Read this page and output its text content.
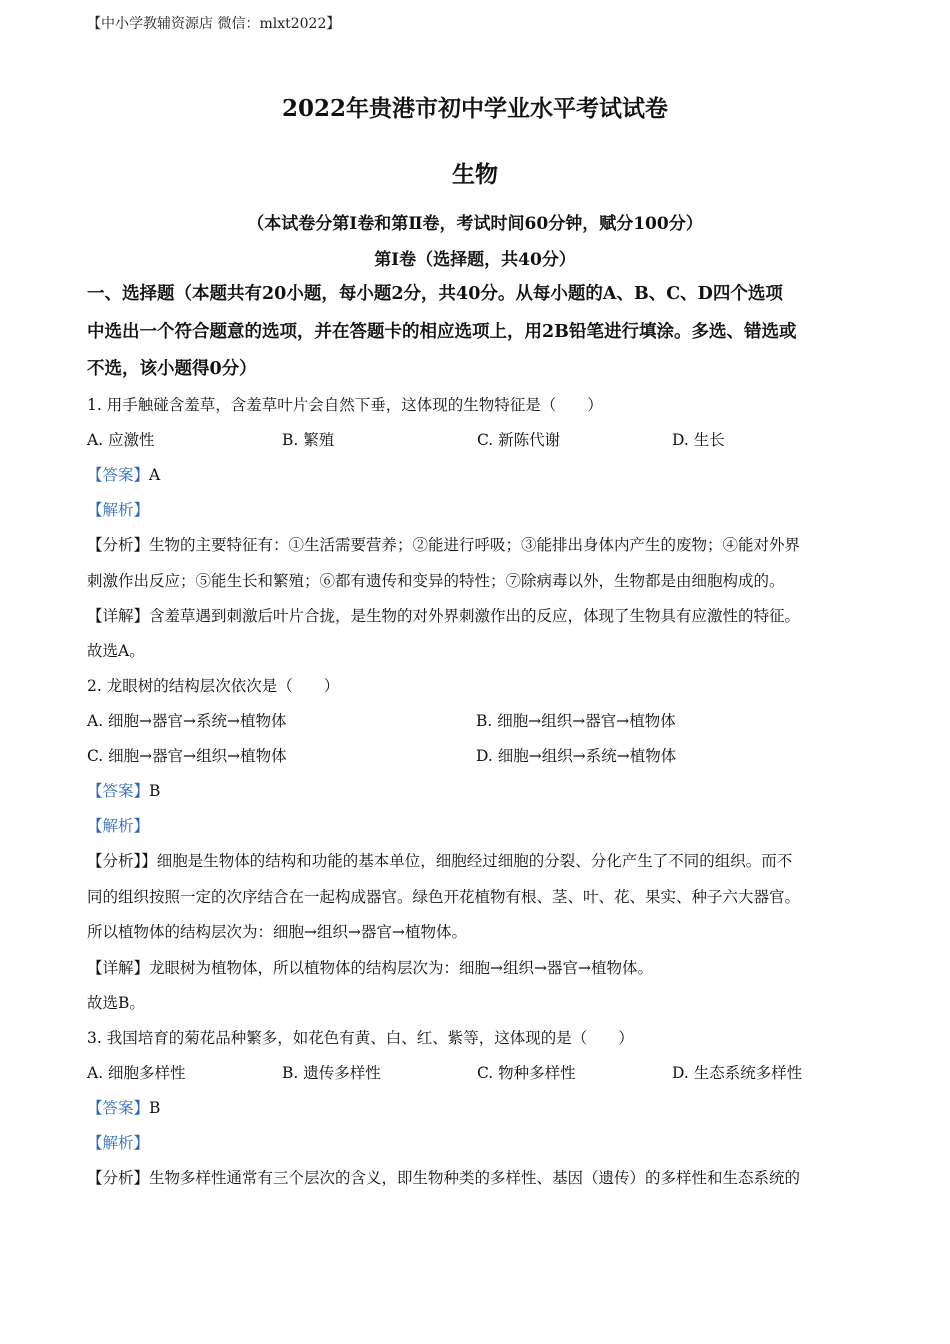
【中小学教辅资源店 微信：mlxt2022】
2022年贵港市初中学业水平考试试卷
生物
（本试卷分第Ⅰ卷和第Ⅱ卷，考试时间60分钟，赋分100分）
第Ⅰ卷（选择题，共40分）
一、选择题（本题共有20小题，每小题2分，共40分。从每小题的A、B、C、D四个选项
中选出一个符合题意的选项，并在答题卡的相应选项上，用2B铅笔进行填涂。多选、错选或
不选，该小题得0分）
1. 用手触碰含羞草，含羞草叶片会自然下垂，这体现的生物特征是（　　）
A. 应激性	B. 繁殖	C. 新陈代谢	D. 生长
【答案】A
【解析】
【分析】生物的主要特征有：①生活需要营养；②能进行呼吸；③能排出身体内产生的废物；④能对外界
刺激作出反应；⑤能生长和繁殖；⑥都有遗传和变异的特性；⑦除病毒以外，生物都是由细胞构成的。
【详解】含羞草遇到刺激后叶片合拢，是生物的对外界刺激作出的反应，体现了生物具有应激性的特征。
故选A。
2. 龙眼树的结构层次依次是（　　）
A. 细胞→器官→系统→植物体	B. 细胞→组织→器官→植物体
C. 细胞→器官→组织→植物体	D. 细胞→组织→系统→植物体
【答案】B
【解析】
【分析】】细胞是生物体的结构和功能的基本单位，细胞经过细胞的分裂、分化产生了不同的组织。而不
同的组织按照一定的次序结合在一起构成器官。绿色开花植物有根、茎、叶、花、果实、种子六大器官。
所以植物体的结构层次为：细胞→组织→器官→植物体。
【详解】龙眼树为植物体，所以植物体的结构层次为：细胞→组织→器官→植物体。
故选B。
3. 我国培育的菊花品种繁多，如花色有黄、白、红、紫等，这体现的是（　　）
A. 细胞多样性	B. 遗传多样性	C. 物种多样性	D. 生态系统多样性
【答案】B
【解析】
【分析】生物多样性通常有三个层次的含义，即生物种类的多样性、基因（遗传）的多样性和生态系统的
